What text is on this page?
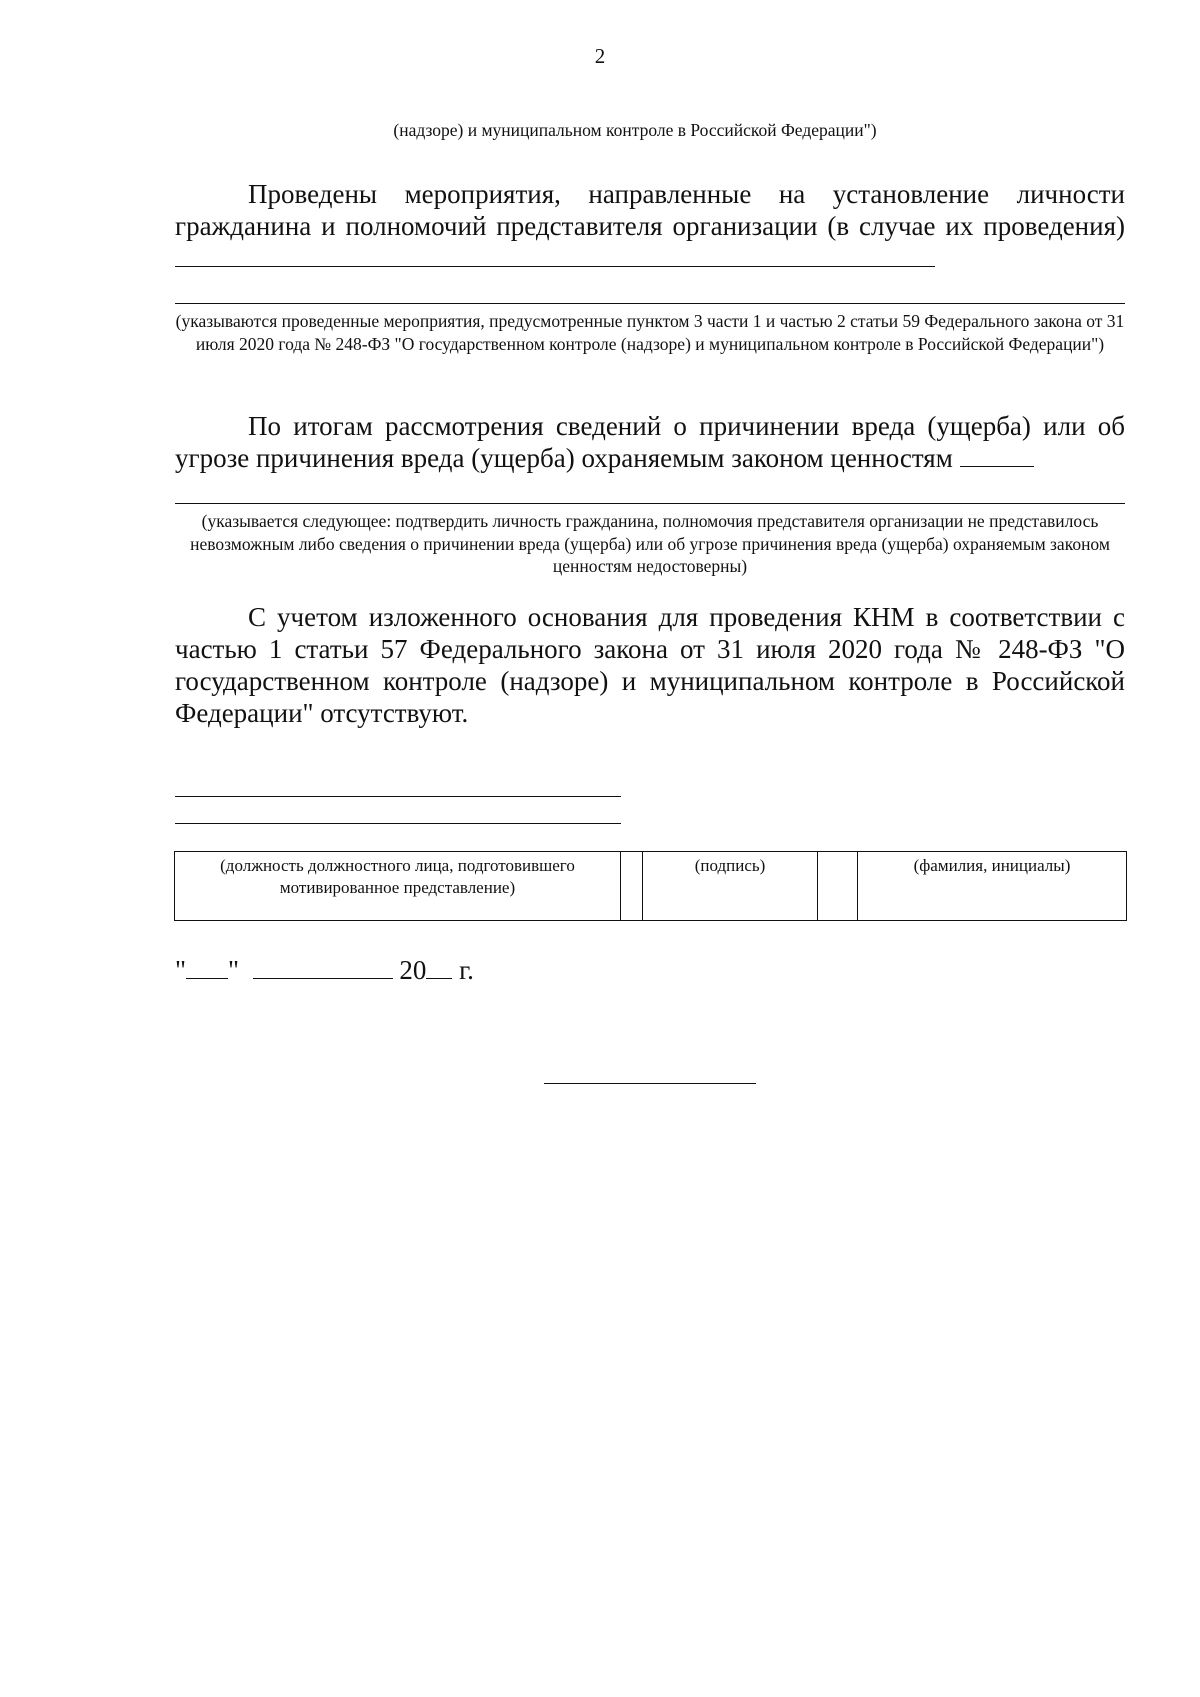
2
(надзоре) и муниципальном контроле в Российской Федерации")
Проведены мероприятия, направленные на установление личности гражданина и полномочий представителя организации (в случае их проведения)
(указываются проведенные мероприятия, предусмотренные пунктом 3 части 1 и частью 2 статьи 59 Федерального закона от 31 июля 2020 года № 248-ФЗ "О государственном контроле (надзоре) и муниципальном контроле в Российской Федерации")
По итогам рассмотрения сведений о причинении вреда (ущерба) или об угрозе причинения вреда (ущерба) охраняемым законом ценностям
(указывается следующее: подтвердить личность гражданина, полномочия представителя организации не представилось невозможным либо сведения о причинении вреда (ущерба) или об угрозе причинения вреда (ущерба) охраняемым законом ценностям недостоверны)
С учетом изложенного основания для проведения КНМ в соответствии с частью 1 статьи 57 Федерального закона от 31 июля 2020 года № 248-ФЗ "О государственном контроле (надзоре) и муниципальном контроле в Российской Федерации" отсутствуют.
(должность должностного лица, подготовившего мотивированное представление)		(подпись)		(фамилия, инициалы)
" "	20 г.
